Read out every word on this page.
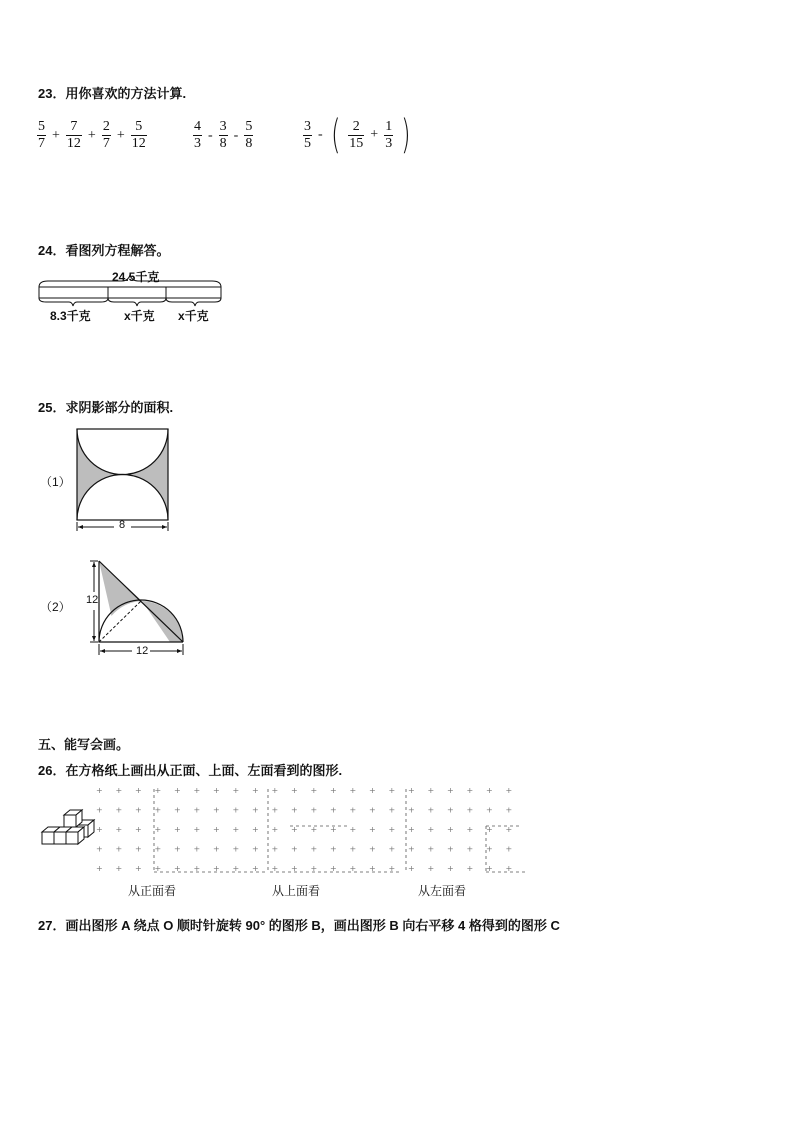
23．用你喜欢的方法计算.
$\frac{5}{7} + \frac{7}{12} + \frac{2}{7} + \frac{5}{12}$	$\frac{4}{3} - \frac{3}{8} - \frac{5}{8}$	$\frac{3}{5}$ - ( $\frac{2}{15} + \frac{1}{3}$ )
24．看图列方程解答。
24.5千克
8.3千克	x千克 x千克
25．求阴影部分的面积.
（1）
8
（2） 12
12
五、能写会画。
26．在方格纸上画出从正面、上面、左面看到的图形.
+ + + + + + + + + + + + + + + + + + + + + +
+ + + + + + + + + + + + + + + + + + + + + +
+ + + + + + + + + + + + + + + + + + + + + +
+ + + + + + + + + + + + + + + + + + + + + +
+ + + + + + + + + + + + + + + + + + + + + +
从正面看	从上面看	从左面看
27．画出图形 A 绕点 O 顺时针旋转 90° 的图形 B，画出图形 B 向右平移 4 格得到的图形 C
